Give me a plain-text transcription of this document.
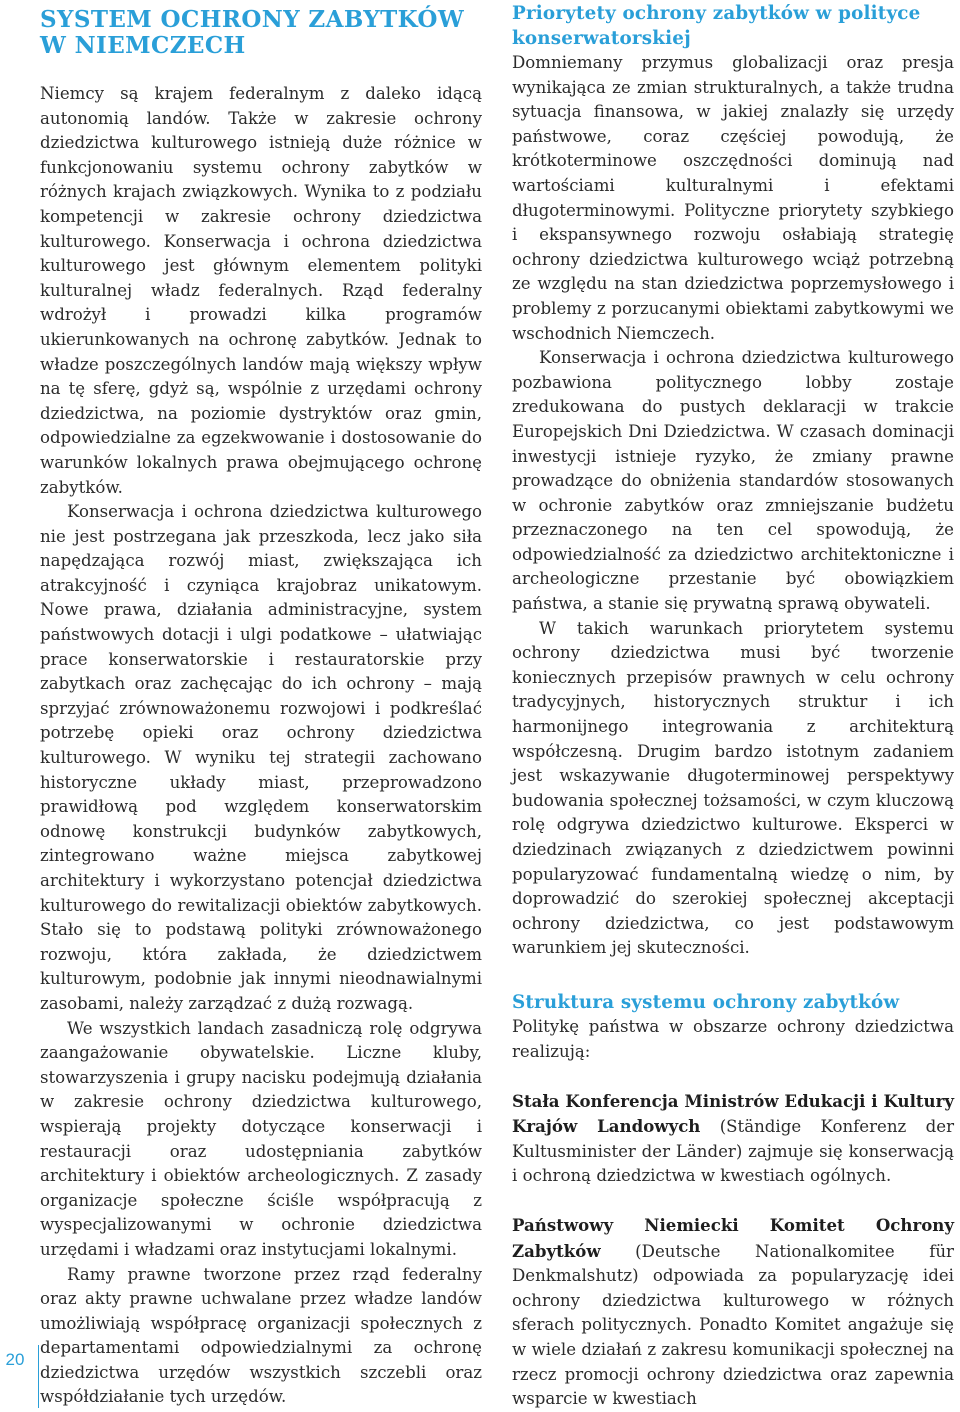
SYSTEM OCHRONY ZABYTKÓW
W NIEMCZECH

Niemcy są krajem federalnym z daleko idącą autonomią landów. Także w zakresie ochrony dziedzictwa kulturowego istnieją duże różnice w funkcjonowaniu systemu ochrony zabytków w różnych krajach związkowych. Wynika to z podziału kompetencji w zakresie ochrony dziedzictwa kulturowego. Konserwacja i ochrona dziedzictwa kulturowego jest głównym elementem polityki kulturalnej władz federalnych. Rząd federalny wdrożył i prowadzi kilka programów ukierunkowanych na ochronę zabytków. Jednak to władze poszczególnych landów mają większy wpływ na tę sferę, gdyż są, wspólnie z urzędami ochrony dziedzictwa, na poziomie dystryktów oraz gmin, odpowiedzialne za egzekwowanie i dostosowanie do warunków lokalnych prawa obejmującego ochronę zabytków.

Konserwacja i ochrona dziedzictwa kulturowego nie jest postrzegana jak przeszkoda, lecz jako siła napędzająca rozwój miast, zwiększająca ich atrakcyjność i czyniąca krajobraz unikatowym. Nowe prawa, działania administracyjne, system państwowych dotacji i ulgi podatkowe – ułatwiając prace konserwatorskie i restauratorskie przy zabytkach oraz zachęcając do ich ochrony – mają sprzyjać zrównoważonemu rozwojowi i podkreślać potrzebę opieki oraz ochrony dziedzictwa kulturowego. W wyniku tej strategii zachowano historyczne układy miast, przeprowadzono prawidłową pod względem konserwatorskim odnowę konstrukcji budynków zabytkowych, zintegrowano ważne miejsca zabytkowej architektury i wykorzystano potencjał dziedzictwa kulturowego do rewitalizacji obiektów zabytkowych. Stało się to podstawą polityki zrównoważonego rozwoju, która zakłada, że dziedzictwem kulturowym, podobnie jak innymi nieodnawialnymi zasobami, należy zarządzać z dużą rozwagą.

We wszystkich landach zasadniczą rolę odgrywa zaangażowanie obywatelskie. Liczne kluby, stowarzyszenia i grupy nacisku podejmują działania w zakresie ochrony dziedzictwa kulturowego, wspierają projekty dotyczące konserwacji i restauracji oraz udostępniania zabytków architektury i obiektów archeologicznych. Z zasady organizacje społeczne ściśle współpracują z wyspecjalizowanymi w ochronie dziedzictwa urzędami i władzami oraz instytucjami lokalnymi.

Ramy prawne tworzone przez rząd federalny oraz akty prawne uchwalane przez władze landów umożliwiają współpracę organizacji społecznych z departamentami odpowiedzialnymi za ochronę dziedzictwa urzędów wszystkich szczebli oraz współdziałanie tych urzędów.

Priorytety ochrony zabytków w polityce konserwatorskiej

Domniemany przymus globalizacji oraz presja wynikająca ze zmian strukturalnych, a także trudna sytuacja finansowa, w jakiej znalazły się urzędy państwowe, coraz częściej powodują, że krótkoterminowe oszczędności dominują nad wartościami kulturalnymi i efektami długoterminowymi. Polityczne priorytety szybkiego i ekspansywnego rozwoju osłabiają strategię ochrony dziedzictwa kulturowego wciąż potrzebną ze względu na stan dziedzictwa poprzemysłowego i problemy z porzucanymi obiektami zabytkowymi we wschodnich Niemczech.

Konserwacja i ochrona dziedzictwa kulturowego pozbawiona politycznego lobby zostaje zredukowana do pustych deklaracji w trakcie Europejskich Dni Dziedzictwa. W czasach dominacji inwestycji istnieje ryzyko, że zmiany prawne prowadzące do obniżenia standardów stosowanych w ochronie zabytków oraz zmniejszanie budżetu przeznaczonego na ten cel spowodują, że odpowiedzialność za dziedzictwo architektoniczne i archeologiczne przestanie być obowiązkiem państwa, a stanie się prywatną sprawą obywateli.

W takich warunkach priorytetem systemu ochrony dziedzictwa musi być tworzenie koniecznych przepisów prawnych w celu ochrony tradycyjnych, historycznych struktur i ich harmonijnego integrowania z architekturą współczesną. Drugim bardzo istotnym zadaniem jest wskazywanie długoterminowej perspektywy budowania społecznej tożsamości, w czym kluczową rolę odgrywa dziedzictwo kulturowe. Eksperci w dziedzinach związanych z dziedzictwem powinni popularyzować fundamentalną wiedzę o nim, by doprowadzić do szerokiej społecznej akceptacji ochrony dziedzictwa, co jest podstawowym warunkiem jej skuteczności.

Struktura systemu ochrony zabytków

Politykę państwa w obszarze ochrony dziedzictwa realizują:

Stała Konferencja Ministrów Edukacji i Kultury Krajów Landowych (Ständige Konferenz der Kultusminister der Länder) zajmuje się konserwacją i ochroną dziedzictwa w kwestiach ogólnych.

Państwowy Niemiecki Komitet Ochrony Zabytków (Deutsche Nationalkomitee für Denkmalshutz) odpowiada za popularyzację idei ochrony dziedzictwa kulturowego w różnych sferach politycznych. Ponadto Komitet angażuje się w wiele działań z zakresu komunikacji społecznej na rzecz promocji ochrony dziedzictwa oraz zapewnia wsparcie w kwestiach

20
